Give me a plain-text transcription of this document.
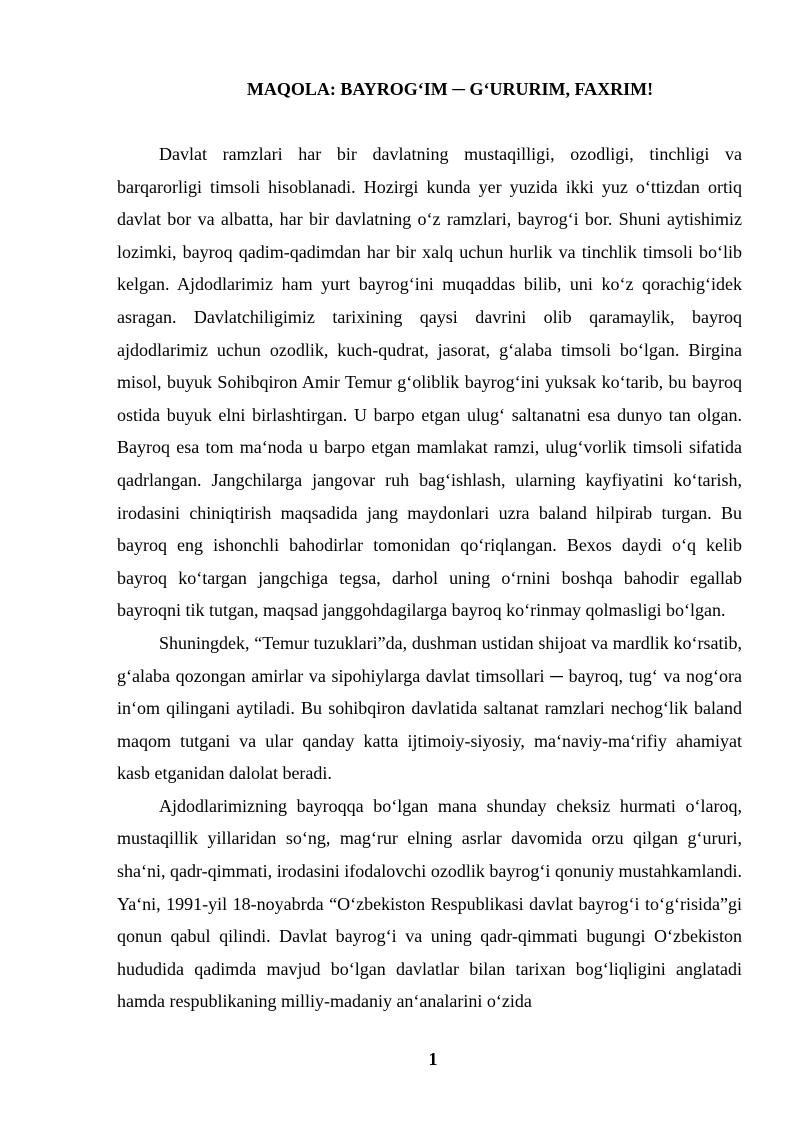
MAQOLA: BAYROG‘IM ─ G‘URURIM, FAXRIM!

Davlat ramzlari har bir davlatning mustaqilligi, ozodligi, tinchligi va barqarorligi timsoli hisoblanadi. Hozirgi kunda yer yuzida ikki yuz o‘ttizdan ortiq davlat bor va albatta, har bir davlatning o‘z ramzlari, bayrog‘i bor. Shuni aytishimiz lozimki, bayroq qadim-qadimdan har bir xalq uchun hurlik va tinchlik timsoli bo‘lib kelgan. Ajdodlarimiz ham yurt bayrog‘ini muqaddas bilib, uni ko‘z qorachig‘idek asragan. Davlatchiligimiz tarixining qaysi davrini olib qaramaylik, bayroq ajdodlarimiz uchun ozodlik, kuch-qudrat, jasorat, g‘alaba timsoli bo‘lgan. Birgina misol, buyuk Sohibqiron Amir Temur g‘oliblik bayrog‘ini yuksak ko‘tarib, bu bayroq ostida buyuk elni birlashtirgan. U barpo etgan ulug‘ saltanatni esa dunyo tan olgan. Bayroq esa tom ma‘noda u barpo etgan mamlakat ramzi, ulug‘vorlik timsoli sifatida qadrlangan. Jangchilarga jangovar ruh bag‘ishlash, ularning kayfiyatini ko‘tarish, irodasini chiniqtirish maqsadida jang maydonlari uzra baland hilpirab turgan. Bu bayroq eng ishonchli bahodirlar tomonidan qo‘riqlangan. Bexos daydi o‘q kelib bayroq ko‘targan jangchiga tegsa, darhol uning o‘rnini boshqa bahodir egallab bayroqni tik tutgan, maqsad janggohdagilarga bayroq ko‘rinmay qolmasligi bo‘lgan.

Shuningdek, “Temur tuzuklari”da, dushman ustidan shijoat va mardlik ko‘rsatib, g‘alaba qozongan amirlar va sipohiylarga davlat timsollari ─ bayroq, tug‘ va nog‘ora in‘om qilingani aytiladi. Bu sohibqiron davlatida saltanat ramzlari nechog‘lik baland maqom tutgani va ular qanday katta ijtimoiy-siyosiy, ma‘naviy-ma‘rifiy ahamiyat kasb etganidan dalolat beradi.

Ajdodlarimizning bayroqqa bo‘lgan mana shunday cheksiz hurmati o‘laroq, mustaqillik yillaridan so‘ng, mag‘rur elning asrlar davomida orzu qilgan g‘ururi, sha‘ni, qadr-qimmati, irodasini ifodalovchi ozodlik bayrog‘i qonuniy mustahkamlandi. Ya‘ni, 1991-yil 18-noyabrda “O‘zbekiston Respublikasi davlat bayrog‘i to‘g‘risida”gi qonun qabul qilindi. Davlat bayrog‘i va uning qadr-qimmati bugungi O‘zbekiston hududida qadimda mavjud bo‘lgan davlatlar bilan tarixan bog‘liqligini anglatadi hamda respublikaning milliy-madaniy an‘analarini o‘zida

1
